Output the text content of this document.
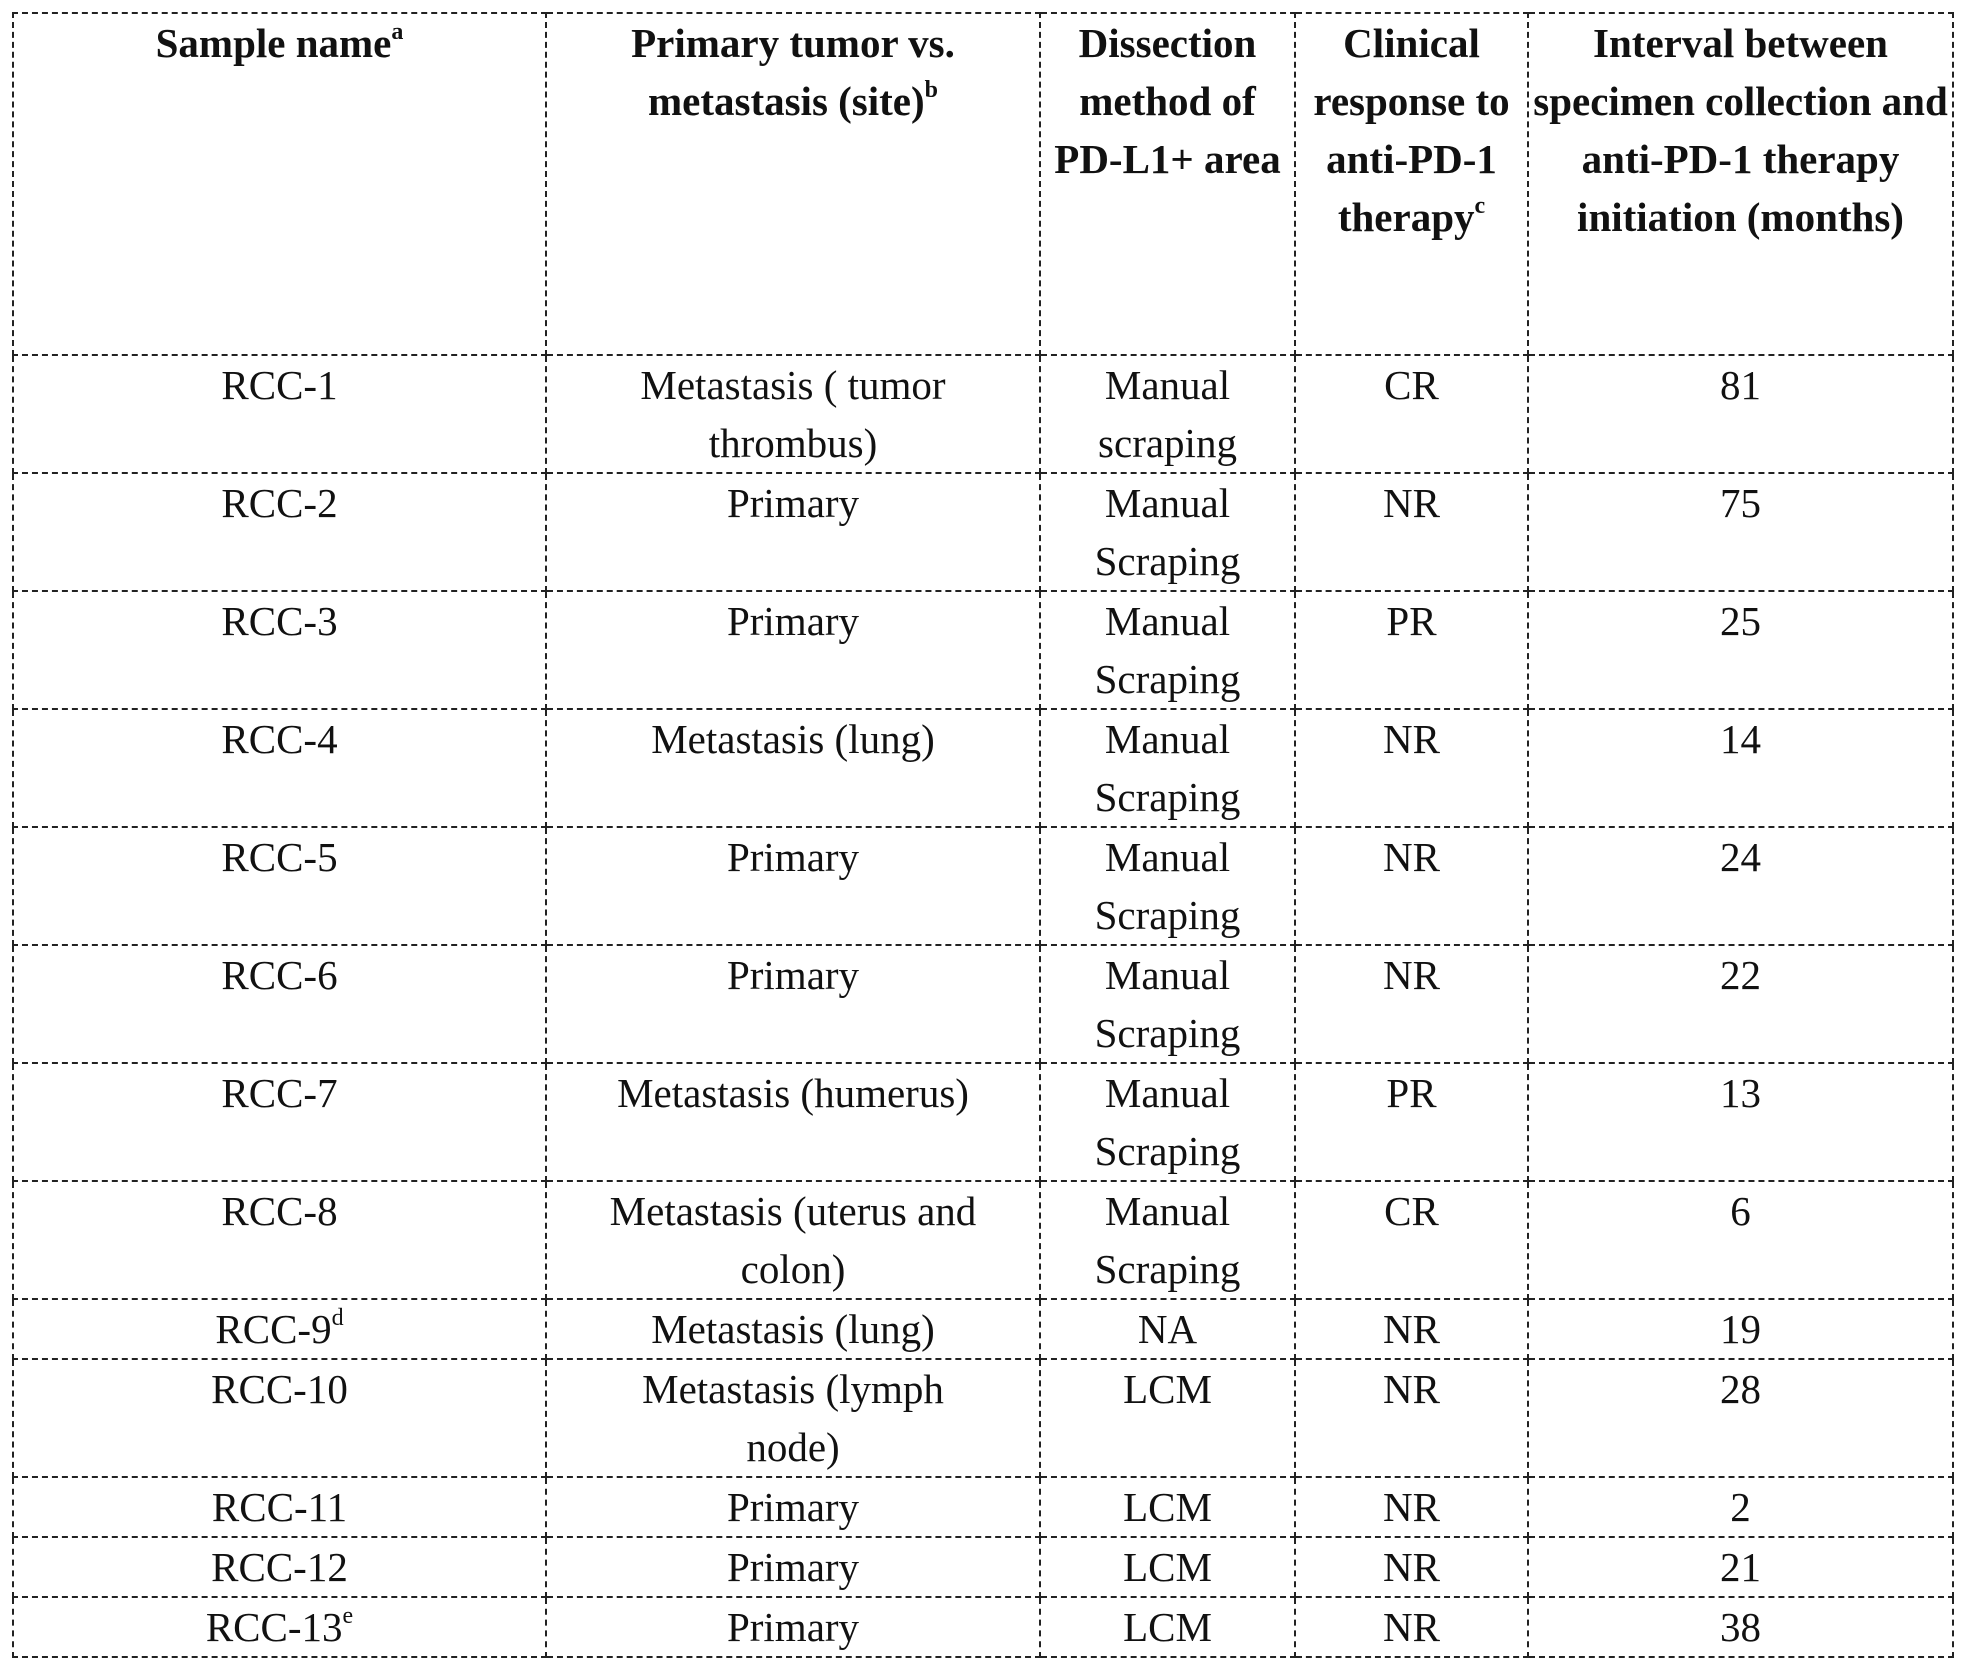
Sample namea	Primary tumor vs. metastasis (site)b	Dissection method of PD-L1+ area	Clinical response to anti-PD-1 therapyc	Interval between specimen collection and anti-PD-1 therapy initiation (months)
RCC-1	Metastasis ( tumor thrombus)	Manual scraping	CR	81
RCC-2	Primary	Manual Scraping	NR	75
RCC-3	Primary	Manual Scraping	PR	25
RCC-4	Metastasis (lung)	Manual Scraping	NR	14
RCC-5	Primary	Manual Scraping	NR	24
RCC-6	Primary	Manual Scraping	NR	22
RCC-7	Metastasis (humerus)	Manual Scraping	PR	13
RCC-8	Metastasis (uterus and colon)	Manual Scraping	CR	6
RCC-9d	Metastasis (lung)	NA	NR	19
RCC-10	Metastasis (lymph node)	LCM	NR	28
RCC-11	Primary	LCM	NR	2
RCC-12	Primary	LCM	NR	21
RCC-13e	Primary	LCM	NR	38
